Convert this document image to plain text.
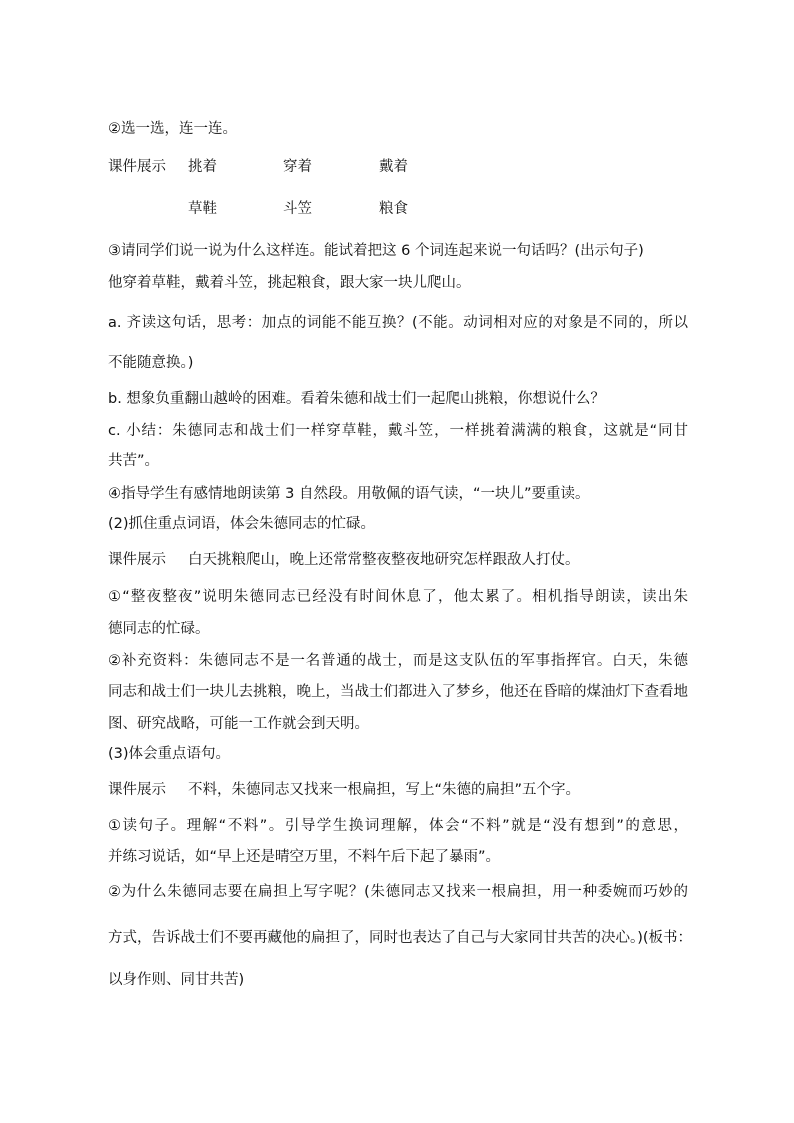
②选一选，连一连。
课件展示 挑着	穿着	戴着
草鞋	斗笠	粮食
③请同学们说一说为什么这样连。能试着把这 6 个词连起来说一句话吗？(出示句子)
他穿着草鞋，戴着斗笠，挑起粮食，跟大家一块儿爬山。
a. 齐读这句话，思考：加点的词能不能互换？(不能。动词相对应的对象是不同的，所以
不能随意换。)
b. 想象负重翻山越岭的困难。看着朱德和战士们一起爬山挑粮，你想说什么？
c. 小结：朱德同志和战士们一样穿草鞋，戴斗笠，一样挑着满满的粮食，这就是“同甘
共苦”。
④指导学生有感情地朗读第 3 自然段。用敬佩的语气读，“一块儿”要重读。
(2)抓住重点词语，体会朱德同志的忙碌。
课件展示 白天挑粮爬山，晚上还常常整夜整夜地研究怎样跟敌人打仗。
①“整夜整夜”说明朱德同志已经没有时间休息了，他太累了。相机指导朗读，读出朱
德同志的忙碌。
②补充资料：朱德同志不是一名普通的战士，而是这支队伍的军事指挥官。白天，朱德
同志和战士们一块儿去挑粮，晚上，当战士们都进入了梦乡，他还在昏暗的煤油灯下查看地
图、研究战略，可能一工作就会到天明。
(3)体会重点语句。
课件展示 不料，朱德同志又找来一根扁担，写上“朱德的扁担”五个字。
①读句子。理解“不料”。引导学生换词理解，体会“不料”就是“没有想到”的意思，
并练习说话，如“早上还是晴空万里，不料午后下起了暴雨”。
②为什么朱德同志要在扁担上写字呢？(朱德同志又找来一根扁担，用一种委婉而巧妙的
方式，告诉战士们不要再藏他的扁担了，同时也表达了自己与大家同甘共苦的决心。)(板书：
以身作则、同甘共苦)
